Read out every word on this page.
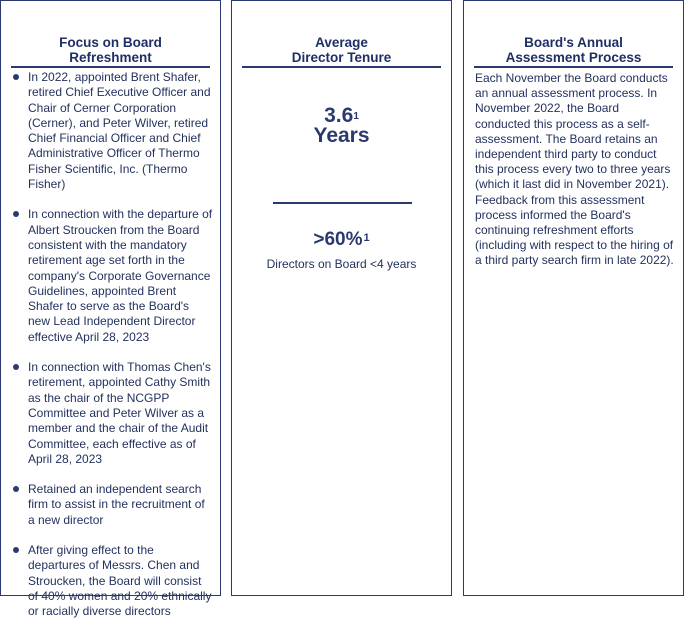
Focus on Board
Refreshment
In 2022, appointed Brent Shafer, retired Chief Executive Officer and Chair of Cerner Corporation (Cerner), and Peter Wilver, retired Chief Financial Officer and Chief Administrative Officer of Thermo Fisher Scientific, Inc. (Thermo Fisher)
In connection with the departure of Albert Stroucken from the Board consistent with the mandatory retirement age set forth in the company's Corporate Governance Guidelines, appointed Brent Shafer to serve as the Board's new Lead Independent Director effective April 28, 2023
In connection with Thomas Chen's retirement, appointed Cathy Smith as the chair of the NCGPP Committee and Peter Wilver as a member and the chair of the Audit Committee, each effective as of April 28, 2023
Retained an independent search firm to assist in the recruitment of a new director
After giving effect to the departures of Messrs. Chen and Stroucken, the Board will consist of 40% women and 20% ethnically or racially diverse directors
Average
Director Tenure
$3.6^1$
Years
>60%$^1$
Directors on Board <4 years
Board's Annual
Assessment Process
Each November the Board conducts an annual assessment process. In November 2022, the Board conducted this process as a self-assessment. The Board retains an independent third party to conduct this process every two to three years (which it last did in November 2021). Feedback from this assessment process informed the Board's continuing refreshment efforts (including with respect to the hiring of a third party search firm in late 2022).
